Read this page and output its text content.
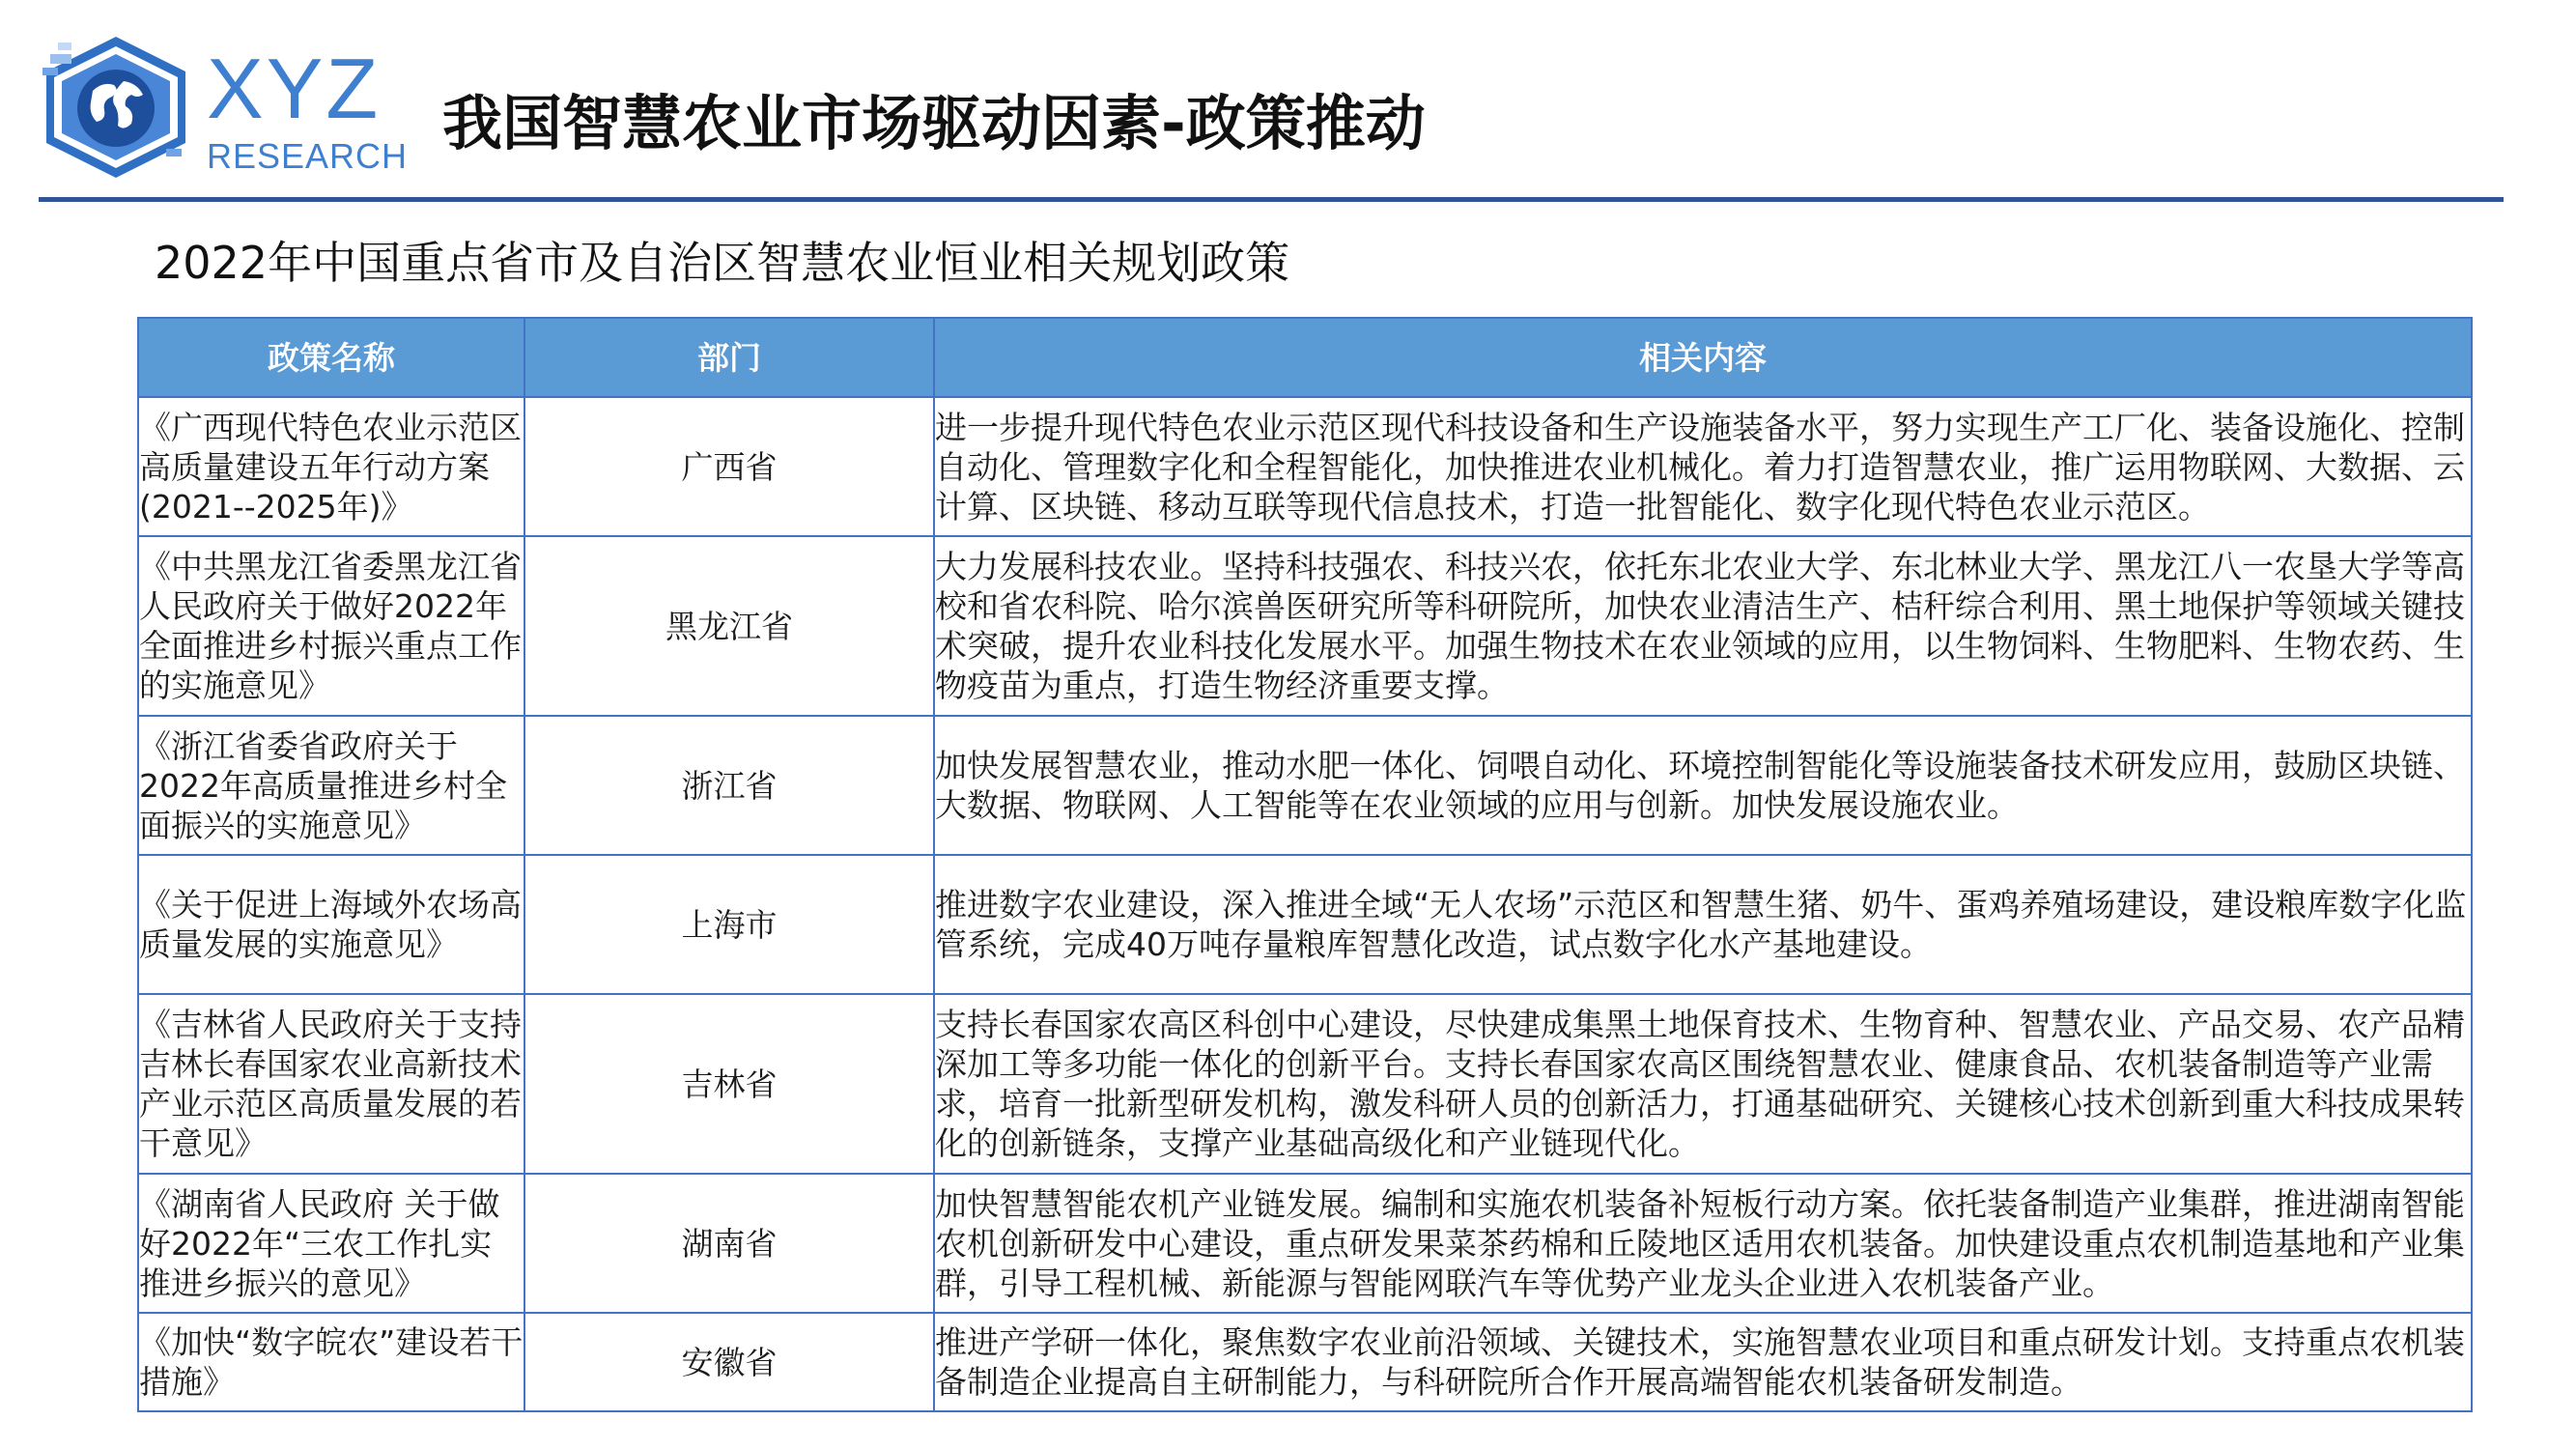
XYZ
RESEARCH 我国智慧农业市场驱动因素-政策推动
2022年中国重点省市及自治区智慧农业恒业相关规划政策
政策名称	部门	相关内容
《广西现代特色农业示范区高质量建设五年行动方案(2021--2025年)》	广西省	进一步提升现代特色农业示范区现代科技设备和生产设施装备水平，努力实现生产工厂化、装备设施化、控制自动化、管理数字化和全程智能化，加快推进农业机械化。着力打造智慧农业，推广运用物联网、大数据、云计算、区块链、移动互联等现代信息技术，打造一批智能化、数字化现代特色农业示范区。
《中共黑龙江省委黑龙江省人民政府关于做好2022年全面推进乡村振兴重点工作的实施意见》	黑龙江省	大力发展科技农业。坚持科技强农、科技兴农，依托东北农业大学、东北林业大学、黑龙江八一农垦大学等高校和省农科院、哈尔滨兽医研究所等科研院所，加快农业清洁生产、桔秆综合利用、黑土地保护等领域关键技术突破，提升农业科技化发展水平。加强生物技术在农业领域的应用，以生物饲料、生物肥料、生物农药、生物疫苗为重点，打造生物经济重要支撑。
《浙江省委省政府关于2022年高质量推进乡村全面振兴的实施意见》	浙江省	加快发展智慧农业，推动水肥一体化、饲喂自动化、环境控制智能化等设施装备技术研发应用，鼓励区块链、大数据、物联网、人工智能等在农业领域的应用与创新。加快发展设施农业。
《关于促进上海域外农场高质量发展的实施意见》	上海市	推进数字农业建设，深入推进全域“无人农场”示范区和智慧生猪、奶牛、蛋鸡养殖场建设，建设粮库数字化监管系统，完成40万吨存量粮库智慧化改造，试点数字化水产基地建设。
《吉林省人民政府关于支持吉林长春国家农业高新技术产业示范区高质量发展的若干意见》	吉林省	支持长春国家农高区科创中心建设，尽快建成集黑土地保育技术、生物育种、智慧农业、产品交易、农产品精深加工等多功能一体化的创新平台。支持长春国家农高区围绕智慧农业、健康食品、农机装备制造等产业需求，培育一批新型研发机构，激发科研人员的创新活力，打通基础研究、关键核心技术创新到重大科技成果转化的创新链条，支撑产业基础高级化和产业链现代化。
《湖南省人民政府 关于做好2022年“三农工作扎实推进乡振兴的意见》	湖南省	加快智慧智能农机产业链发展。编制和实施农机装备补短板行动方案。依托装备制造产业集群，推进湖南智能农机创新研发中心建设，重点研发果菜茶药棉和丘陵地区适用农机装备。加快建设重点农机制造基地和产业集群，引导工程机械、新能源与智能网联汽车等优势产业龙头企业进入农机装备产业。
《加快“数字皖农”建设若干措施》	安徽省	推进产学研一体化，聚焦数字农业前沿领域、关键技术，实施智慧农业项目和重点研发计划。支持重点农机装备制造企业提高自主研制能力，与科研院所合作开展高端智能农机装备研发制造。
